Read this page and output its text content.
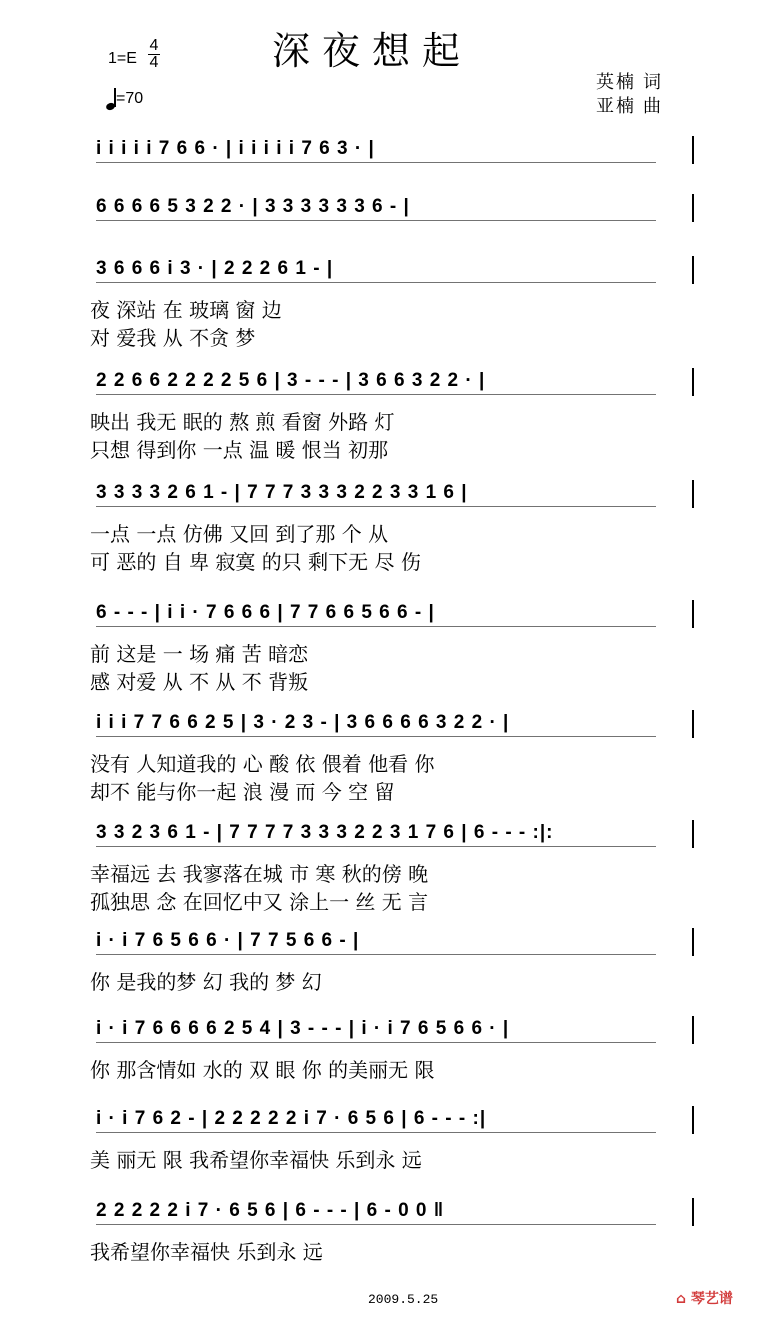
深夜想起
1=E
4
4
=70
英楠 词
亚楠 曲
i i i i i 7 6 6 · | i i i i i 7 6 3 · |
6 6 6 6 5 3 2 2 · | 3 3 3 3 3 3 6 - |
3 6 6 6 i 3 · | 2 2 2 6 1 - |
夜 深站 在 玻璃 窗 边
对 爱我 从 不贪 梦
2 2 6 6 2 2 2 2 5 6 | 3 - - - | 3 6 6 3 2 2 · |
映出 我无 眠的 熬 煎 看窗 外路 灯
只想 得到你 一点 温 暖 恨当 初那
3 3 3 3 2 6 1 - | 7 7 7 3 3 3 2 2 3 3 1 6 |
一点 一点 仿佛 又回 到了那 个 从
可 恶的 自 卑 寂寞 的只 剩下无 尽 伤
6 - - - | i i · 7 6 6 6 | 7 7 6 6 5 6 6 - |
前 这是 一 场 痛 苦 暗恋
感 对爱 从 不 从 不 背叛
i i i 7 7 6 6 2 5 | 3 · 2 3 - | 3 6 6 6 6 3 2 2 · |
没有 人知道我的 心 酸 依 偎着 他看 你
却不 能与你一起 浪 漫 而 今 空 留
3 3 2 3 6 1 - | 7 7 7 7 3 3 3 2 2 3 1 7 6 | 6 - - - :|:
幸福远 去 我寥落在城 市 寒 秋的傍 晚
孤独思 念 在回忆中又 涂上一 丝 无 言
i · i 7 6 5 6 6 · | 7 7 5 6 6 - |
你 是我的梦 幻 我的 梦 幻
i · i 7 6 6 6 6 2 5 4 | 3 - - - | i · i 7 6 5 6 6 · |
你 那含情如 水的 双 眼 你 的美丽无 限
i · i 7 6 2 - | 2 2 2 2 2 i 7 · 6 5 6 | 6 - - - :|
美 丽无 限 我希望你幸福快 乐到永 远
2 2 2 2 2 i 7 · 6 5 6 | 6 - - - | 6 - 0 0 ‖
我希望你幸福快 乐到永 远
2009.5.25	⌂ 琴艺谱
